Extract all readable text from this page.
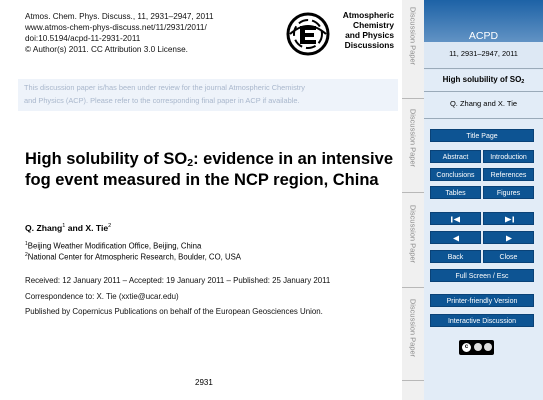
Atmos. Chem. Phys. Discuss., 11, 2931–2947, 2011
www.atmos-chem-phys-discuss.net/11/2931/2011/
doi:10.5194/acpd-11-2931-2011
© Author(s) 2011. CC Attribution 3.0 License.
Atmospheric
Chemistry
and Physics
Discussions
This discussion paper is/has been under review for the journal Atmospheric Chemistry
and Physics (ACP). Please refer to the corresponding final paper in ACP if available.
High solubility of $SO_2$: evidence in an intensive fog event measured in the NCP region, China
Q. Zhang$^1$ and X. Tie$^2$
$^1$Beijing Weather Modification Office, Beijing, China
$^2$National Center for Atmospheric Research, Boulder, CO, USA
Received: 12 January 2011 – Accepted: 19 January 2011 – Published: 25 January 2011
Correspondence to: X. Tie (xxtie@ucar.edu)
Published by Copernicus Publications on behalf of the European Geosciences Union.
2931
Discussion Paper
Discussion Paper
Discussion Paper
Discussion Paper
ACPD
11, 2931–2947, 2011
High solubility of $SO_2$
Q. Zhang and X. Tie
Title Page
Abstract	Introduction
Conclusions	References
Tables	Figures
Back	Close
Full Screen / Esc
Printer-friendly Version
Interactive Discussion
c
